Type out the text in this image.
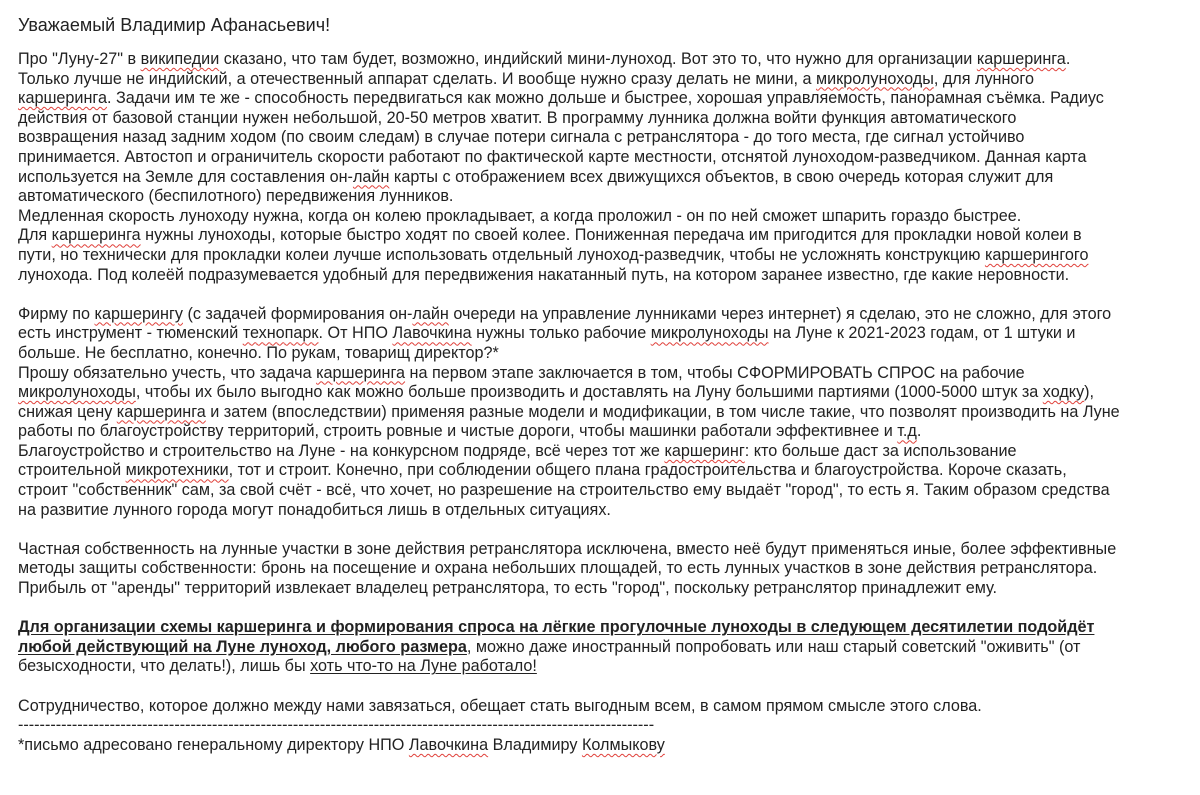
Уважаемый Владимир Афанасьевич!
Про "Луну-27" в википедии сказано, что там будет, возможно, индийский мини-луноход. Вот это то, что нужно для организации каршеринга.
Только лучше не индийский, а отечественный аппарат сделать. И вообще нужно сразу делать не мини, а микролуноходы, для лунного
каршеринга. Задачи им те же - способность передвигаться как можно дольше и быстрее, хорошая управляемость, панорамная съёмка. Радиус
действия от базовой станции нужен небольшой, 20-50 метров хватит. В программу лунника должна войти функция автоматического
возвращения назад задним ходом (по своим следам) в случае потери сигнала с ретранслятора - до того места, где сигнал устойчиво
принимается. Автостоп и ограничитель скорости работают по фактической карте местности, отснятой луноходом-разведчиком. Данная карта
используется на Земле для составления он-лайн карты с отображением всех движущихся объектов, в свою очередь которая служит для
автоматического (беспилотного) передвижения лунников.
Медленная скорость луноходу нужна, когда он колею прокладывает, а когда проложил - он по ней сможет шпарить гораздо быстрее.
Для каршеринга нужны луноходы, которые быстро ходят по своей колее. Пониженная передача им пригодится для прокладки новой колеи в
пути, но технически для прокладки колеи лучше использовать отдельный луноход-разведчик, чтобы не усложнять конструкцию каршерингого
лунохода. Под колеёй подразумевается удобный для передвижения накатанный путь, на котором заранее известно, где какие неровности.
Фирму по каршерингу (с задачей формирования он-лайн очереди на управление лунниками через интернет) я сделаю, это не сложно, для этого
есть инструмент - тюменский технопарк. От НПО Лавочкина нужны только рабочие микролуноходы на Луне к 2021-2023 годам, от 1 штуки и
больше. Не бесплатно, конечно. По рукам, товарищ директор?*
Прошу обязательно учесть, что задача каршеринга на первом этапе заключается в том, чтобы СФОРМИРОВАТЬ СПРОС на рабочие
микролуноходы, чтобы их было выгодно как можно больше производить и доставлять на Луну большими партиями (1000-5000 штук за ходку),
снижая цену каршеринга и затем (впоследствии) применяя разные модели и модификации, в том числе такие, что позволят производить на Луне
работы по благоустройству территорий, строить ровные и чистые дороги, чтобы машинки работали эффективнее и т.д.
Благоустройство и строительство на Луне - на конкурсном подряде, всё через тот же каршеринг: кто больше даст за использование
строительной микротехники, тот и строит. Конечно, при соблюдении общего плана градостроительства и благоустройства. Короче сказать,
строит "собственник" сам, за свой счёт - всё, что хочет, но разрешение на строительство ему выдаёт "город", то есть я. Таким образом средства
на развитие лунного города могут понадобиться лишь в отдельных ситуациях.
Частная собственность на лунные участки в зоне действия ретранслятора исключена, вместо неё будут применяться иные, более эффективные
методы защиты собственности: бронь на посещение и охрана небольших площадей, то есть лунных участков в зоне действия ретранслятора.
Прибыль от "аренды" территорий извлекает владелец ретранслятора, то есть "город", поскольку ретранслятор принадлежит ему.
Для организации схемы каршеринга и формирования спроса на лёгкие прогулочные луноходы в следующем десятилетии подойдёт
любой действующий на Луне луноход, любого размера, можно даже иностранный попробовать или наш старый советский "оживить" (от
безысходности, что делать!), лишь бы хоть что-то на Луне работало!
Сотрудничество, которое должно между нами завязаться, обещает стать выгодным всем, в самом прямом смысле этого слова.
----------------------------------------------------------------------------------------------------------------------
*письмо адресовано генеральному директору НПО Лавочкина Владимиру Колмыкову
